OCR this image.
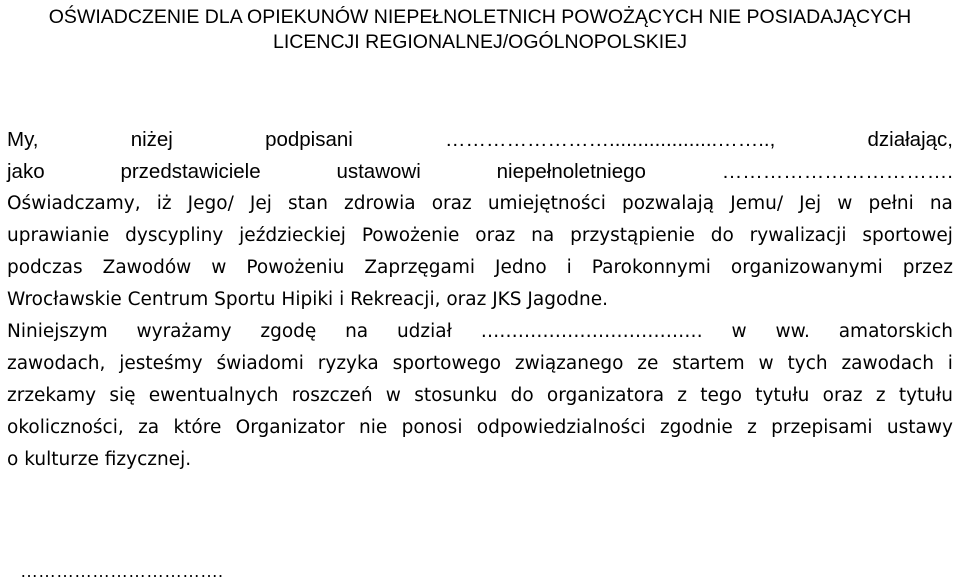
OŚWIADCZENIE DLA OPIEKUNÓW NIEPEŁNOLETNICH POWOŻĄCYCH NIE POSIADAJĄCYCH
LICENCJI REGIONALNEJ/OGÓLNOPOLSKIEJ
My,	niżej	podpisani	……………………...................……..,	działając,
jako	przedstawiciele	ustawowi	niepełnoletniego	…………………………….
Oświadczamy, iż Jego/ Jej stan zdrowia oraz umiejętności pozwalają Jemu/ Jej w pełni na
uprawianie dyscypliny jeździeckiej Powożenie oraz na przystąpienie do rywalizacji sportowej
podczas Zawodów w Powożeniu Zaprzęgami Jedno i Parokonnymi organizowanymi przez
Wrocławskie Centrum Sportu Hipiki i Rekreacji, oraz JKS Jagodne.
Niniejszym wyrażamy zgodę na udział ……………………………… w ww. amatorskich
zawodach, jesteśmy świadomi ryzyka sportowego związanego ze startem w tych zawodach i
zrzekamy się ewentualnych roszczeń w stosunku do organizatora z tego tytułu oraz z tytułu
okoliczności, za które Organizator nie ponosi odpowiedzialności zgodnie z przepisami ustawy
o kulturze fizycznej.
…………………………….
